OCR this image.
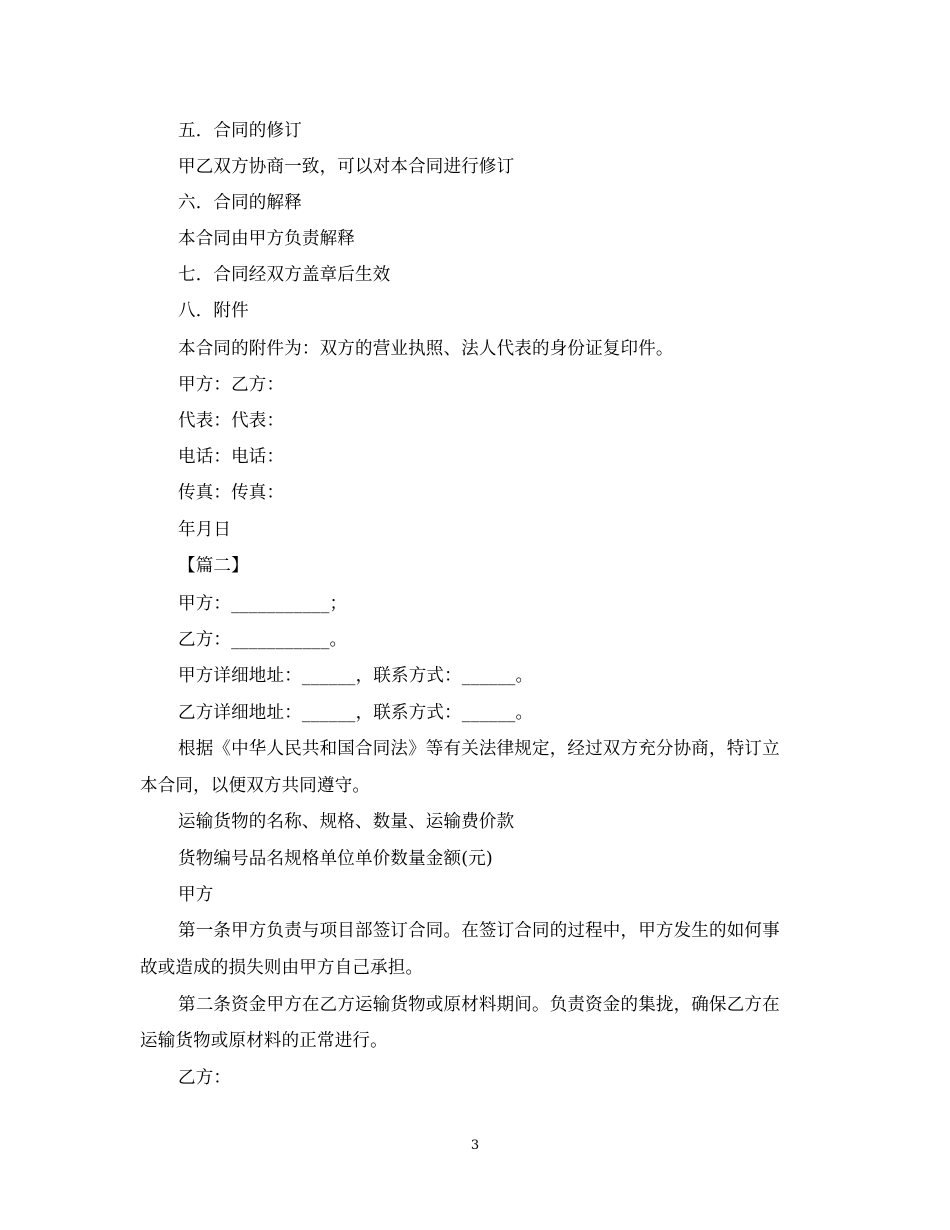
五．合同的修订
甲乙双方协商一致，可以对本合同进行修订
六．合同的解释
本合同由甲方负责解释
七．合同经双方盖章后生效
八．附件
本合同的附件为：双方的营业执照、法人代表的身份证复印件。
甲方：乙方：
代表：代表：
电话：电话：
传真：传真：
年月日
【篇二】
甲方：___________；
乙方：___________。
甲方详细地址：______，联系方式：______。
乙方详细地址：______，联系方式：______。
根据《中华人民共和国合同法》等有关法律规定，经过双方充分协商，特订立
本合同，以便双方共同遵守。
运输货物的名称、规格、数量、运输费价款
货物编号品名规格单位单价数量金额(元)
甲方
第一条甲方负责与项目部签订合同。在签订合同的过程中，甲方发生的如何事
故或造成的损失则由甲方自己承担。
第二条资金甲方在乙方运输货物或原材料期间。负责资金的集拢，确保乙方在
运输货物或原材料的正常进行。
乙方：
3
